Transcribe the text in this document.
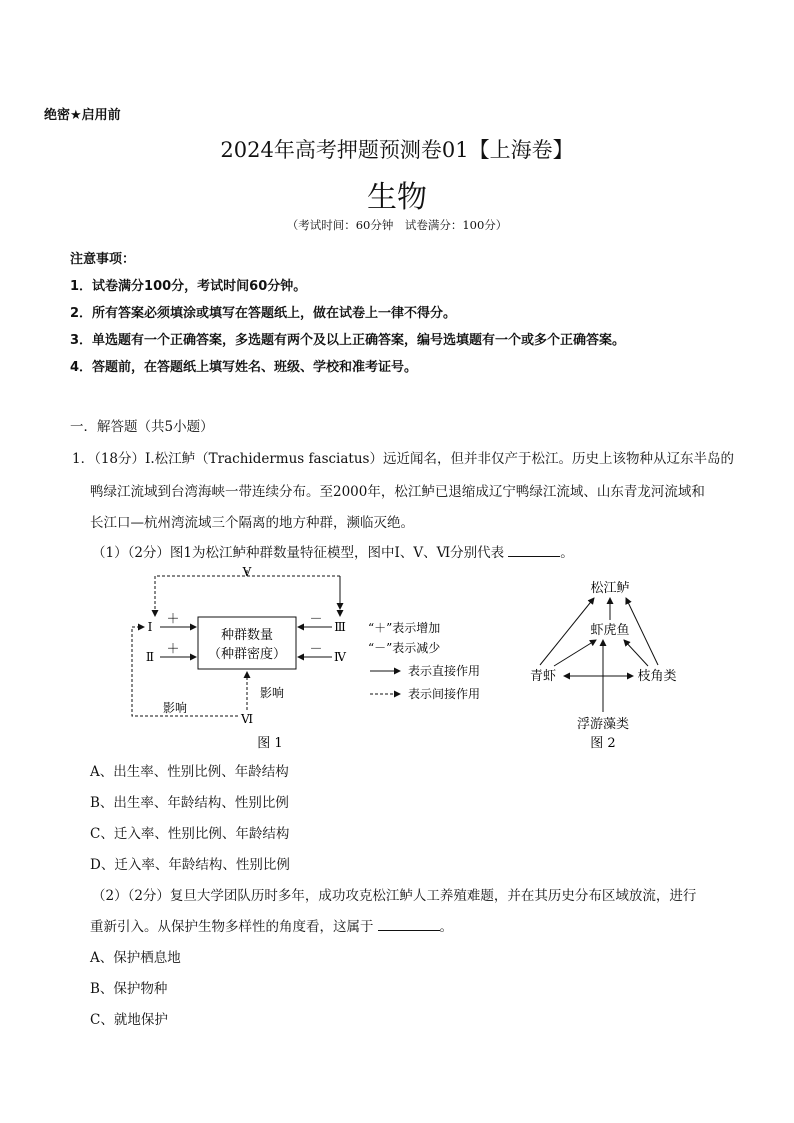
绝密★启用前
2024年高考押题预测卷01【上海卷】
生物
（考试时间：60分钟　试卷满分：100分）
注意事项：
1．试卷满分100分，考试时间60分钟。
2．所有答案必须填涂或填写在答题纸上，做在试卷上一律不得分。
3．单选题有一个正确答案，多选题有两个及以上正确答案，编号选填题有一个或多个正确答案。
4．答题前，在答题纸上填写姓名、班级、学校和准考证号。
一．解答题（共5小题）
1．（18分）Ⅰ.松江鲈（Trachidermus fasciatus）远近闻名，但并非仅产于松江。历史上该物种从辽东半岛的
鸭绿江流域到台湾海峡一带连续分布。至2000年，松江鲈已退缩成辽宁鸭绿江流域、山东青龙河流域和
长江口—杭州湾流域三个隔离的地方种群，濒临灭绝。
（1）（2分）图1为松江鲈种群数量特征模型，图中Ⅰ、Ⅴ、Ⅵ分别代表	。
Ⅴ
种群数量
（种群密度）
Ⅰ ＋
Ⅱ ＋
Ⅲ
－
Ⅳ
－
Ⅵ
影响
影响
“＋”表示增加
“－”表示减少
表示直接作用
表示间接作用
图 1
松江鲈
虾虎鱼
青虾	枝角类
浮游藻类
图 2
A、出生率、性别比例、年龄结构
B、出生率、年龄结构、性别比例
C、迁入率、性别比例、年龄结构
D、迁入率、年龄结构、性别比例
（2）（2分）复旦大学团队历时多年，成功攻克松江鲈人工养殖难题，并在其历史分布区域放流，进行
重新引入。从保护生物多样性的角度看，这属于	。
A、保护栖息地
B、保护物种
C、就地保护
